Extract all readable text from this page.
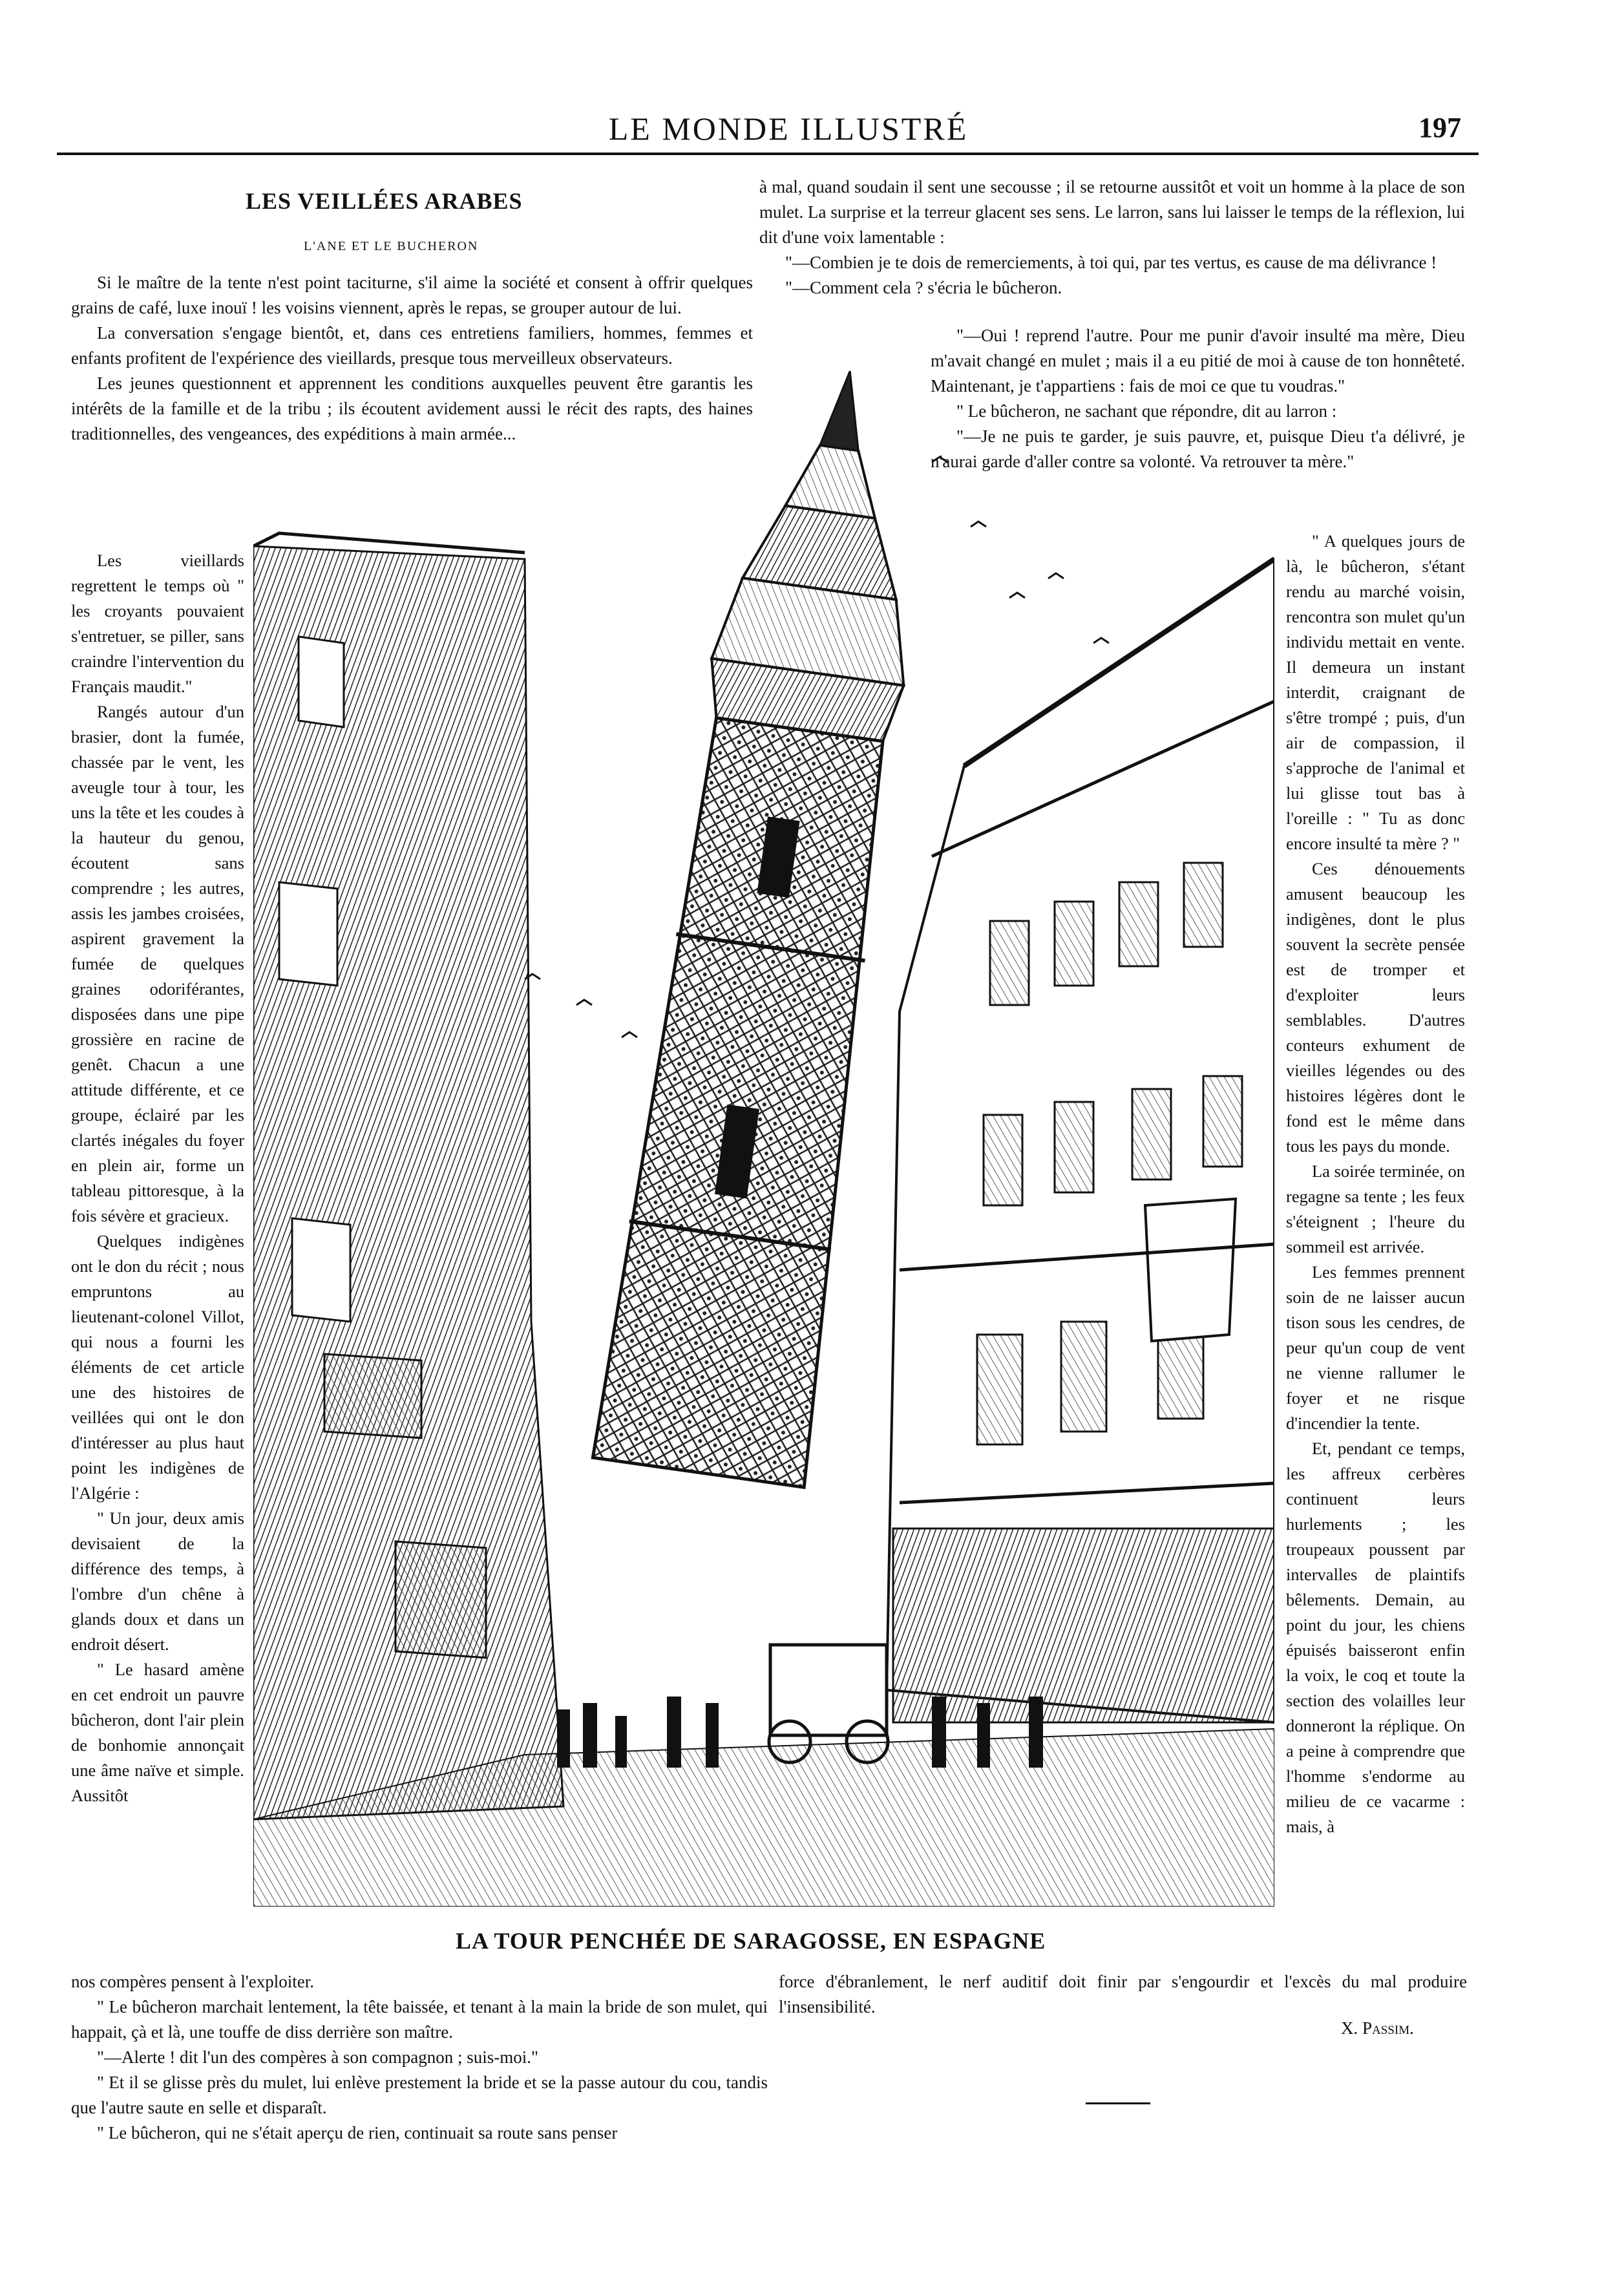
LE MONDE ILLUSTRÉ	197
LES VEILLÉES ARABES
L'ANE ET LE BUCHERON

Si le maître de la tente n'est point taciturne, s'il aime la société et consent à offrir quelques grains de café, luxe inouï ! les voisins viennent, après le repas, se grouper autour de lui.

La conversation s'engage bientôt, et, dans ces entretiens familiers, hommes, femmes et enfants profitent de l'expérience des vieillards, presque tous merveilleux observateurs.

Les jeunes questionnent et apprennent les conditions auxquelles peuvent être garantis les intérêts de la famille et de la tribu ; ils écoutent avidement aussi le récit des rapts, des haines traditionnelles, des vengeances, des expéditions à main armée...

Les vieillards regrettent le temps où " les croyants pouvaient s'entretuer, se piller, sans craindre l'intervention du Français maudit."

Rangés autour d'un brasier, dont la fumée, chassée par le vent, les aveugle tour à tour, les uns la tête et les coudes à la hauteur du genou, écoutent sans comprendre ; les autres, assis les jambes croisées, aspirent gravement la fumée de quelques graines odoriférantes, disposées dans une pipe grossière en racine de genêt. Chacun a une attitude différente, et ce groupe, éclairé par les clartés inégales du foyer en plein air, forme un tableau pittoresque, à la fois sévère et gracieux.

Quelques indigènes ont le don du récit ; nous empruntons au lieutenant-colonel Villot, qui nous a fourni les éléments de cet article une des histoires de veillées qui ont le don d'intéresser au plus haut point les indigènes de l'Algérie :

" Un jour, deux amis devisaient de la différence des temps, à l'ombre d'un chêne à glands doux et dans un endroit désert.

" Le hasard amène en cet endroit un pauvre bûcheron, dont l'air plein de bonhomie annonçait une âme naïve et simple. Aussitôt

à mal, quand soudain il sent une secousse ; il se retourne aussitôt et voit un homme à la place de son mulet. La surprise et la terreur glacent ses sens. Le larron, sans lui laisser le temps de la réflexion, lui dit d'une voix lamentable :

"—Combien je te dois de remerciements, à toi qui, par tes vertus, es cause de ma délivrance !

"—Comment cela ? s'écria le bûcheron.

"—Oui ! reprend l'autre. Pour me punir d'avoir insulté ma mère, Dieu m'avait changé en mulet ; mais il a eu pitié de moi à cause de ton honnêteté. Maintenant, je t'appartiens : fais de moi ce que tu voudras."

" Le bûcheron, ne sachant que répondre, dit au larron :

"—Je ne puis te garder, je suis pauvre, et, puisque Dieu t'a délivré, je n'aurai garde d'aller contre sa volonté. Va retrouver ta mère."

" A quelques jours de là, le bûcheron, s'étant rendu au marché voisin, rencontra son mulet qu'un individu mettait en vente. Il demeura un instant interdit, craignant de s'être trompé ; puis, d'un air de compassion, il s'approche de l'animal et lui glisse tout bas à l'oreille : " Tu as donc encore insulté ta mère ? "

Ces dénouements amusent beaucoup les indigènes, dont le plus souvent la secrète pensée est de tromper et d'exploiter leurs semblables. D'autres conteurs exhument de vieilles légendes ou des histoires légères dont le fond est le même dans tous les pays du monde.

La soirée terminée, on regagne sa tente ; les feux s'éteignent ; l'heure du sommeil est arrivée.

Les femmes prennent soin de ne laisser aucun tison sous les cendres, de peur qu'un coup de vent ne vienne rallumer le foyer et ne risque d'incendier la tente.

Et, pendant ce temps, les affreux cerbères continuent leurs hurlements ; les troupeaux poussent par intervalles de plaintifs bêlements. Demain, au point du jour, les chiens épuisés baisseront enfin la voix, le coq et toute la section des volailles leur donneront la réplique. On a peine à comprendre que l'homme s'endorme au milieu de ce vacarme : mais, à

LA TOUR PENCHÉE DE SARAGOSSE, EN ESPAGNE

nos compères pensent à l'exploiter.

" Le bûcheron marchait lentement, la tête baissée, et tenant à la main la bride de son mulet, qui happait, çà et là, une touffe de diss derrière son maître.

"—Alerte ! dit l'un des compères à son compagnon ; suis-moi."

" Et il se glisse près du mulet, lui enlève prestement la bride et se la passe autour du cou, tandis que l'autre saute en selle et disparaît.

" Le bûcheron, qui ne s'était aperçu de rien, continuait sa route sans penser

force d'ébranlement, le nerf auditif doit finir par s'engourdir et l'excès du mal produire l'insensibilité.

X. Passim.
